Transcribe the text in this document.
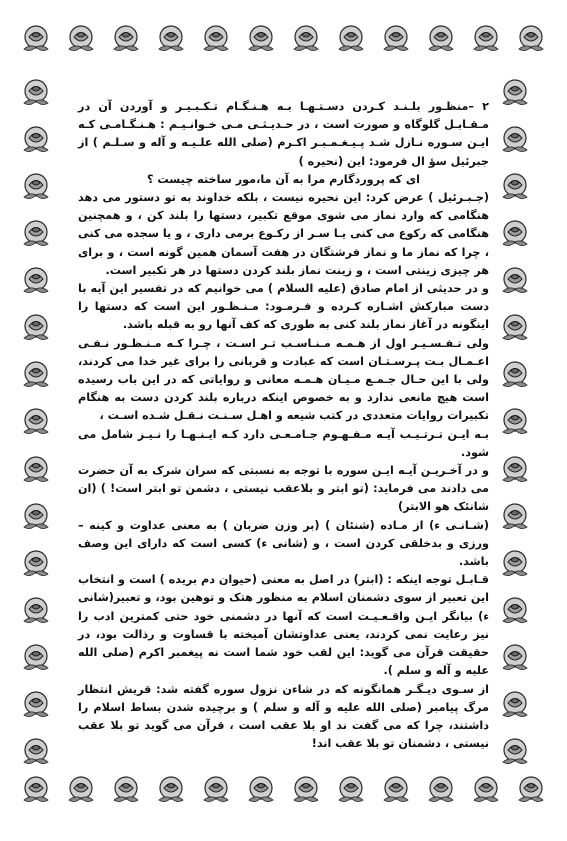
۲ –منظـور بلـنـد کـردن دسـتـهـا بـه هـنـگـام تـکـبـیـر و آوردن آن در مـقـابـل گلوگاه و صورت است ، در حـدیـثـی مـی خـوانـیـم : هـنـگـامـی کـه ایـن سـوره نـازل شـد پـیـغـمـبـر اکـرم (صلی الله علـیـه و آله و سـلـم ) از جبرئیل سؤ ال فرمود: این (نحیره )

ای که پروردگارم مرا به آن ما،مور ساخته چیست ؟

(جـبـرئیل ) عرض کرد: این نحیره نیست ، بلکه خداوند به تو دستور می دهد هنگامی که وارد نماز می شوی موقع تکبیر، دستها را بلند کن ، و همچنین هنگامی که رکوع می کنی یـا سـر از رکـوع برمی داری ، و یا سجده می کنی ، چرا که نماز ما و نماز فرشتگان در هفت آسمان همین گونه است ، و برای هر چیزی زینتی است ، و زینت نماز بلند کردن دستها در هر تکبیر است.

و در حدیثی از امام صادق (علیه السلام ) می خوانیم که در تفسیر این آیه با دست مبارکش اشـاره کـرده و فـرمـود: مـنـظـور این است که دستها را اینگونه در آغاز نماز بلند کنی به طوری که کف آنها رو به قبله باشد.

ولی تـفـسـیـر اول از هـمـه مـنـاسـب تـر اسـت ، چـرا کـه مـنـظـور نـفـی اعـمـال بـت پـرسـتـان است که عبادت و قربانی را برای غیر خدا می کردند، ولی با این حـال جـمـع مـیـان هـمـه معانی و روایاتی که در این باب رسیده است هیچ مانعی ندارد و به خصوص اینکه درباره بلند کردن دست به هنگام تکبیرات روایات متعددی در کتب شیعه و اهـل سـنـت نـقـل شـده اسـت ،

بـه ایـن تـرتـیـب آیـه مـفـهـوم جـامـعـی دارد کـه ایـنـهـا را نـیـز شامل می شود.

و در آخـریـن آیـه ایـن سوره با توجه به نسبتی که سران شرک به آن حضرت می دادند می فرماید: (تو ابتر و بلاعقب نیستی ، دشمن تو ابتر است! ) (ان شانئک هو الابتر)

(شـانـی ء) از مـاده (شنئان ) (بر وزن ضربان ) به معنی عداوت و کینه – ورزی و بدخلقی کردن است ، و (شانی ء) کسی است که دارای این وصف باشد.

قـابـل توجه اینکه : (ابتر) در اصل به معنی (حیوان دم بریده ) است و انتخاب این تعبیر از سوی دشمنان اسلام به منظور هتک و توهین بود، و تعبیر(شانی ء) بیانگر ایـن واقـعـیـت است که آنها در دشمنی خود حتی کمترین ادب را نیز رعایت نمی کردند، یعنی عداوتشان آمیخته با قساوت و رذالت بود، در حقیقت قرآن می گوید: این لقب خود شما است نه پیغمبر اکرم (صلی الله علیه و آله و سلم ).

از سـوی دیـگـر همانگونه که در شاءن نزول سوره گفته شد: قریش انتظار مرگ پیامبر (صلی الله علیه و آله و سلم ) و برچیده شدن بساط اسلام را داشتند، چرا که می گفت ند او بلا عقب است ، قرآن می گوید تو بلا عقب نیستی ، دشمنان تو بلا عقب اند!
